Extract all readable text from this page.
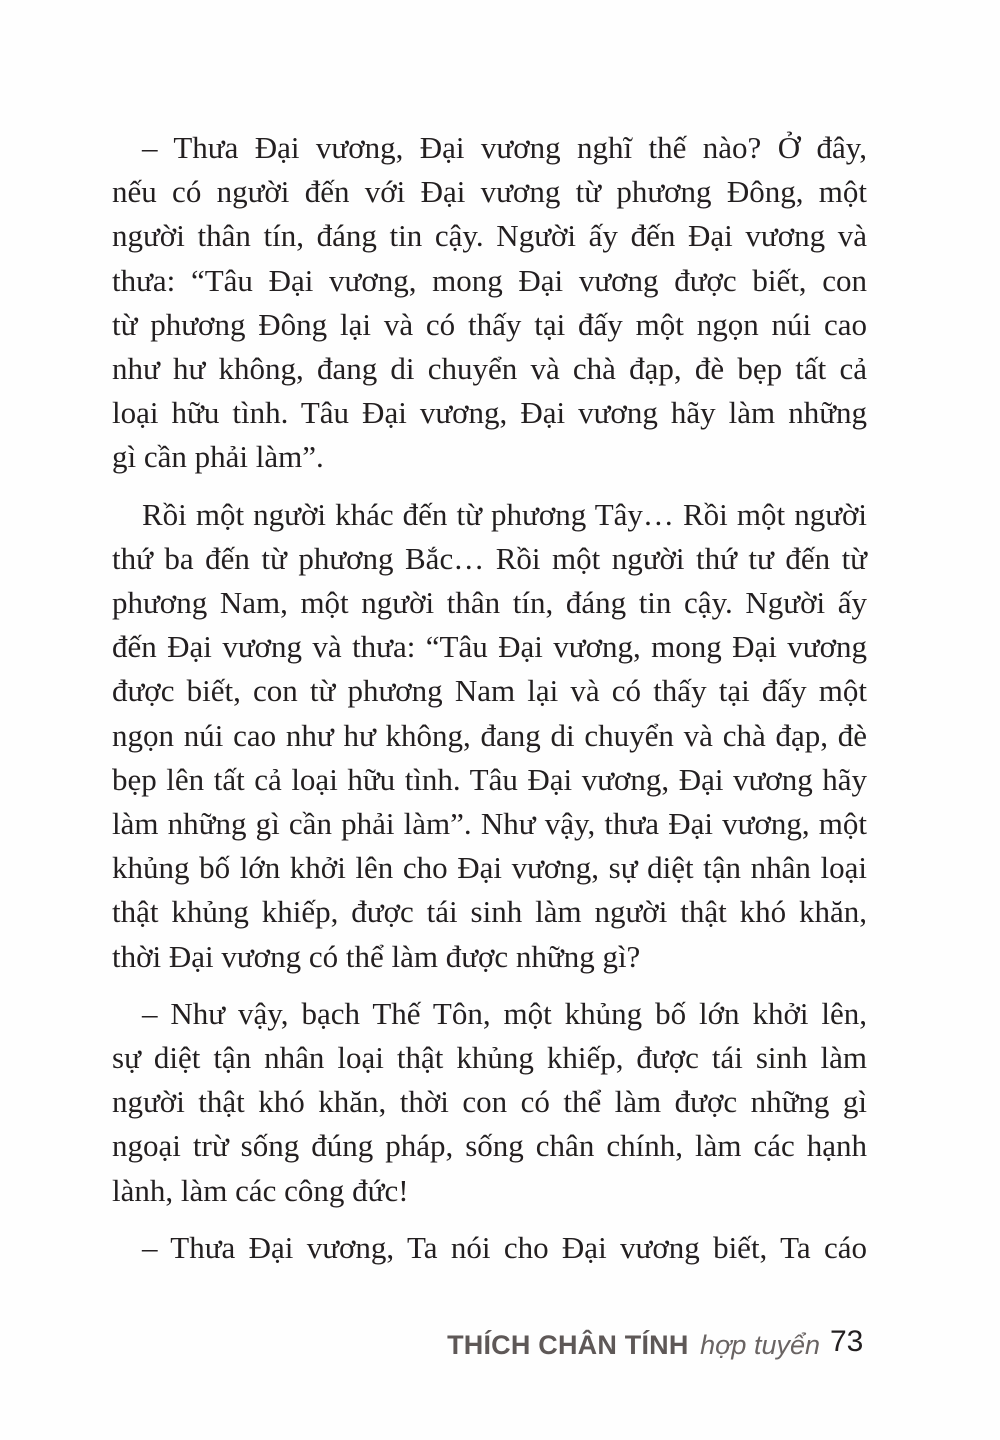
– Thưa Đại vương, Đại vương nghĩ thế nào? Ở đây,
nếu có người đến với Đại vương từ phương Đông, một
người thân tín, đáng tin cậy. Người ấy đến Đại vương và
thưa: “Tâu Đại vương, mong Đại vương được biết, con
từ phương Đông lại và có thấy tại đấy một ngọn núi cao
như hư không, đang di chuyển và chà đạp, đè bẹp tất cả
loại hữu tình. Tâu Đại vương, Đại vương hãy làm những
gì cần phải làm”.
Rồi một người khác đến từ phương Tây… Rồi một người
thứ ba đến từ phương Bắc… Rồi một người thứ tư đến từ
phương Nam, một người thân tín, đáng tin cậy. Người ấy
đến Đại vương và thưa: “Tâu Đại vương, mong Đại vương
được biết, con từ phương Nam lại và có thấy tại đấy một
ngọn núi cao như hư không, đang di chuyển và chà đạp, đè
bẹp lên tất cả loại hữu tình. Tâu Đại vương, Đại vương hãy
làm những gì cần phải làm”. Như vậy, thưa Đại vương, một
khủng bố lớn khởi lên cho Đại vương, sự diệt tận nhân loại
thật khủng khiếp, được tái sinh làm người thật khó khăn,
thời Đại vương có thể làm được những gì?
– Như vậy, bạch Thế Tôn, một khủng bố lớn khởi lên,
sự diệt tận nhân loại thật khủng khiếp, được tái sinh làm
người thật khó khăn, thời con có thể làm được những gì
ngoại trừ sống đúng pháp, sống chân chính, làm các hạnh
lành, làm các công đức!
– Thưa Đại vương, Ta nói cho Đại vương biết, Ta cáo
THÍCH CHÂN TÍNH hợp tuyển 73
